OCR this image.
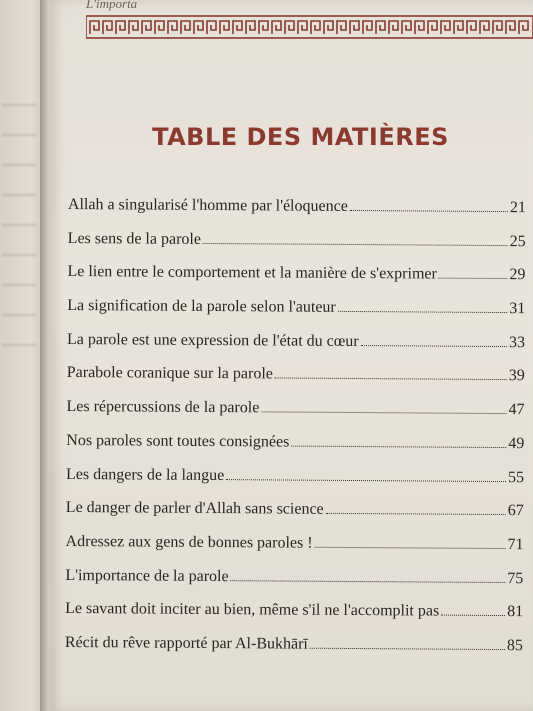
L'importa
TABLE DES MATIÈRES
Allah a singularisé l'homme par l'éloquence	21
Les sens de la parole	25
Le lien entre le comportement et la manière de s'exprimer	29
La signification de la parole selon l'auteur	31
La parole est une expression de l'état du cœur	33
Parabole coranique sur la parole	39
Les répercussions de la parole	47
Nos paroles sont toutes consignées	49
Les dangers de la langue	55
Le danger de parler d'Allah sans science	67
Adressez aux gens de bonnes paroles !	71
L'importance de la parole	75
Le savant doit inciter au bien, même s'il ne l'accomplit pas	81
Récit du rêve rapporté par Al-Bukhārī	85
